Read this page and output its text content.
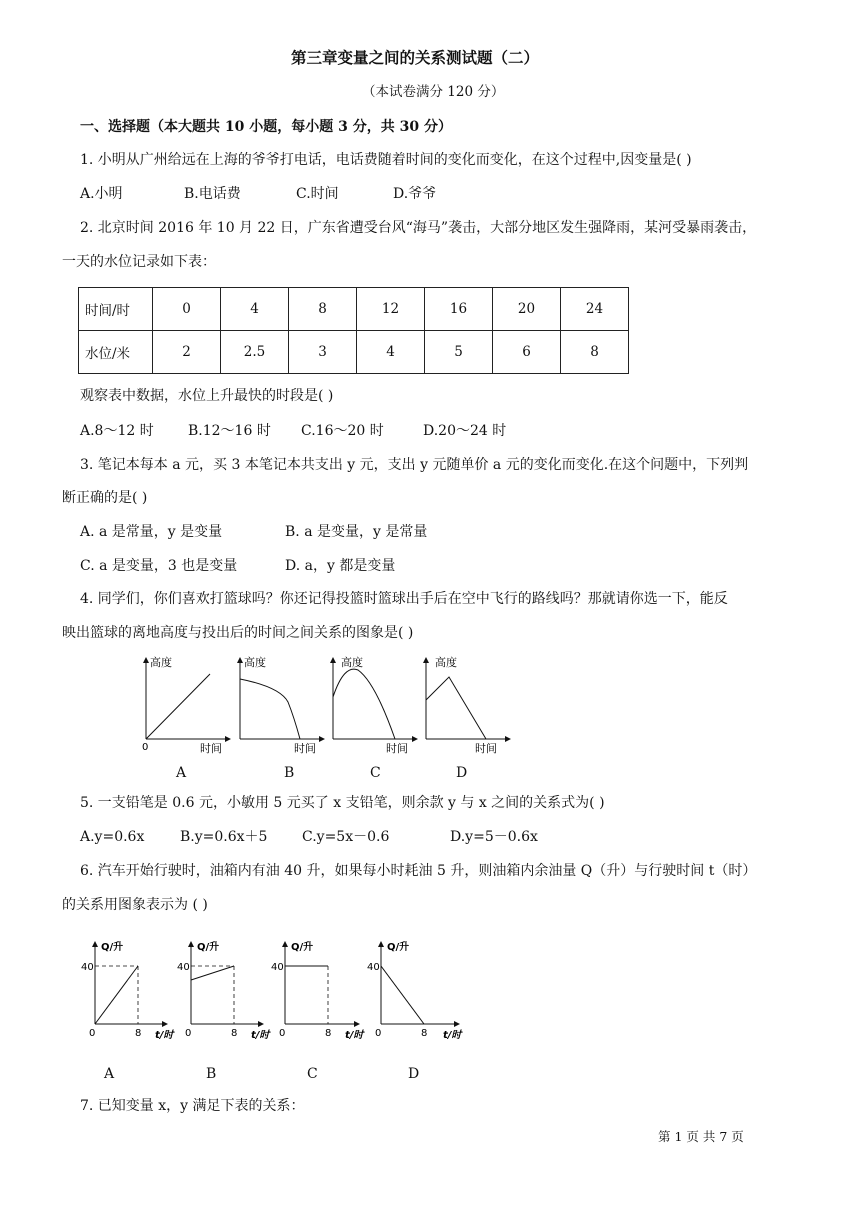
第三章变量之间的关系测试题（二）
（本试卷满分 120 分）
一、选择题（本大题共 10 小题，每小题 3 分，共 30 分）
1. 小明从广州给远在上海的爷爷打电话，电话费随着时间的变化而变化，在这个过程中,因变量是( )
A.小明	B.电话费	C.时间	D.爷爷
2. 北京时间 2016 年 10 月 22 日，广东省遭受台风“海马”袭击，大部分地区发生强降雨，某河受暴雨袭击，
一天的水位记录如下表：
时间/时	0	4	8	12	16	20	24
水位/米	2	2.5	3	4	5	6	8
观察表中数据，水位上升最快的时段是( )
A.8～12 时 B.12～16 时 C.16～20 时	D.20～24 时
3. 笔记本每本 a 元，买 3 本笔记本共支出 y 元，支出 y 元随单价 a 元的变化而变化.在这个问题中，下列判
断正确的是( )
A. a 是常量，y 是变量	B. a 是变量，y 是常量
C. a 是变量，3 也是变量	D. a，y 都是变量
4. 同学们，你们喜欢打篮球吗？你还记得投篮时篮球出手后在空中飞行的路线吗？那就请你选一下，能反
映出篮球的离地高度与投出后的时间之间关系的图象是( )
高度
0	时间
高度
时间
高度
时间
高度
时间
A	B	C	D
5. 一支铅笔是 0.6 元，小敏用 5 元买了 x 支铅笔，则余款 y 与 x 之间的关系式为( )
A.y=0.6x	B.y=0.6x＋5 C.y=5x－0.6	D.y=5－0.6x
6. 汽车开始行驶时，油箱内有油 40 升，如果每小时耗油 5 升，则油箱内余油量 Q（升）与行驶时间 t（时）
的关系用图象表示为 ( )
Q/升
40
0	8 t/时
Q/升
40
0	8 t/时
Q/升
40
0	8 t/时
Q/升
40
0	8 t/时
A	B	C	D
7. 已知变量 x，y 满足下表的关系：
第 1 页 共 7 页
